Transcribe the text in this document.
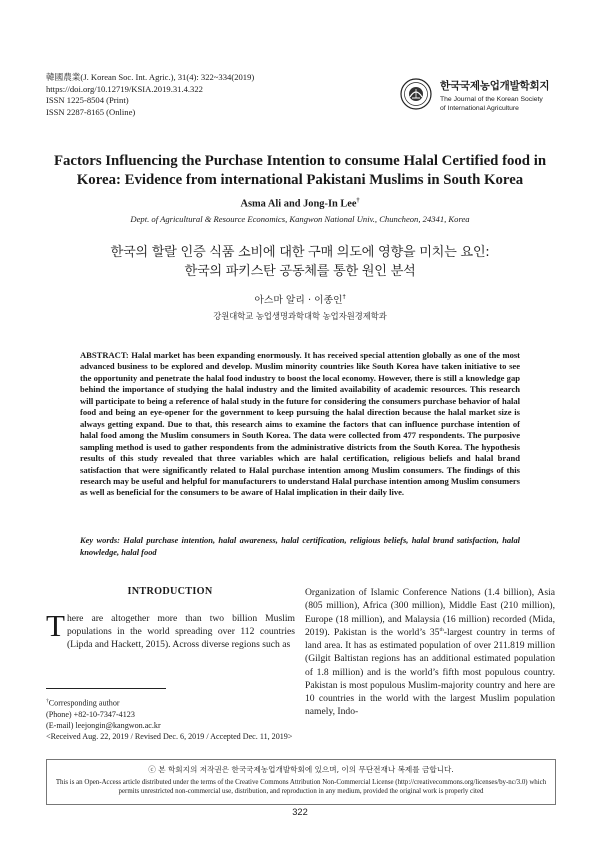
韓國農業(J. Korean Soc. Int. Agric.), 31(4): 322~334(2019)
https://doi.org/10.12719/KSIA.2019.31.4.322
ISSN 1225-8504 (Print)
ISSN 2287-8165 (Online)
한국국제농업개발학회지
The Journal of the Korean Society
of International Agriculture
Factors Influencing the Purchase Intention to consume Halal Certified food in Korea: Evidence from international Pakistani Muslims in South Korea
Asma Ali and Jong-In Lee†
Dept. of Agricultural & Resource Economics, Kangwon National Univ., Chuncheon, 24341, Korea
한국의 할랄 인증 식품 소비에 대한 구매 의도에 영향을 미치는 요인:
한국의 파키스탄 공동체를 통한 원인 분석
아스마 알리 · 이종인†
강원대학교 농업생명과학대학 농업자원경제학과
ABSTRACT: Halal market has been expanding enormously. It has received special attention globally as one of the most advanced business to be explored and develop. Muslim minority countries like South Korea have taken initiative to see the opportunity and penetrate the halal food industry to boost the local economy. However, there is still a knowledge gap behind the importance of studying the halal industry and the limited availability of academic resources. This research will participate to being a reference of halal study in the future for considering the consumers purchase behavior of halal food and being an eye-opener for the government to keep pursuing the halal direction because the halal market size is always getting expand. Due to that, this research aims to examine the factors that can influence purchase intention of halal food among the Muslim consumers in South Korea. The data were collected from 477 respondents. The purposive sampling method is used to gather respondents from the administrative districts from the South Korea. The hypothesis results of this study revealed that three variables which are halal certification, religious beliefs and halal brand satisfaction that were significantly related to Halal purchase intention among Muslim consumers. The findings of this research may be useful and helpful for manufacturers to understand Halal purchase intention among Muslim consumers as well as beneficial for the consumers to be aware of Halal implication in their daily live.
Key words: Halal purchase intention, halal awareness, halal certification, religious beliefs, halal brand satisfaction, halal knowledge, halal food
INTRODUCTION
There are altogether more than two billion Muslim populations in the world spreading over 112 countries (Lipda and Hackett, 2015). Across diverse regions such as
†Corresponding author
(Phone) +82-10-7347-4123
(E-mail) leejongin@kangwon.ac.kr
<Received Aug. 22, 2019 / Revised Dec. 6, 2019 / Accepted Dec. 11, 2019>
Organization of Islamic Conference Nations (1.4 billion), Asia (805 million), Africa (300 million), Middle East (210 million), Europe (18 million), and Malaysia (16 million) recorded (Mida, 2019). Pakistan is the world’s 35th-largest country in terms of land area. It has as estimated population of over 211.819 million (Gilgit Baltistan regions has an additional estimated population of 1.8 million) and is the world’s fifth most populous country. Pakistan is most populous Muslim-majority country and here are 10 countries in the world with the largest Muslim population namely, Indo-
ⓒ 본 학회지의 저작권은 한국국제농업개발학회에 있으며, 이의 무단전재나 복제를 금합니다.
This is an Open-Access article distributed under the terms of the Creative Commons Attribution Non-Commercial License (http://creativecommons.org/licenses/by-nc/3.0) which permits unrestricted non-commercial use, distribution, and reproduction in any medium, provided the original work is properly cited
322
